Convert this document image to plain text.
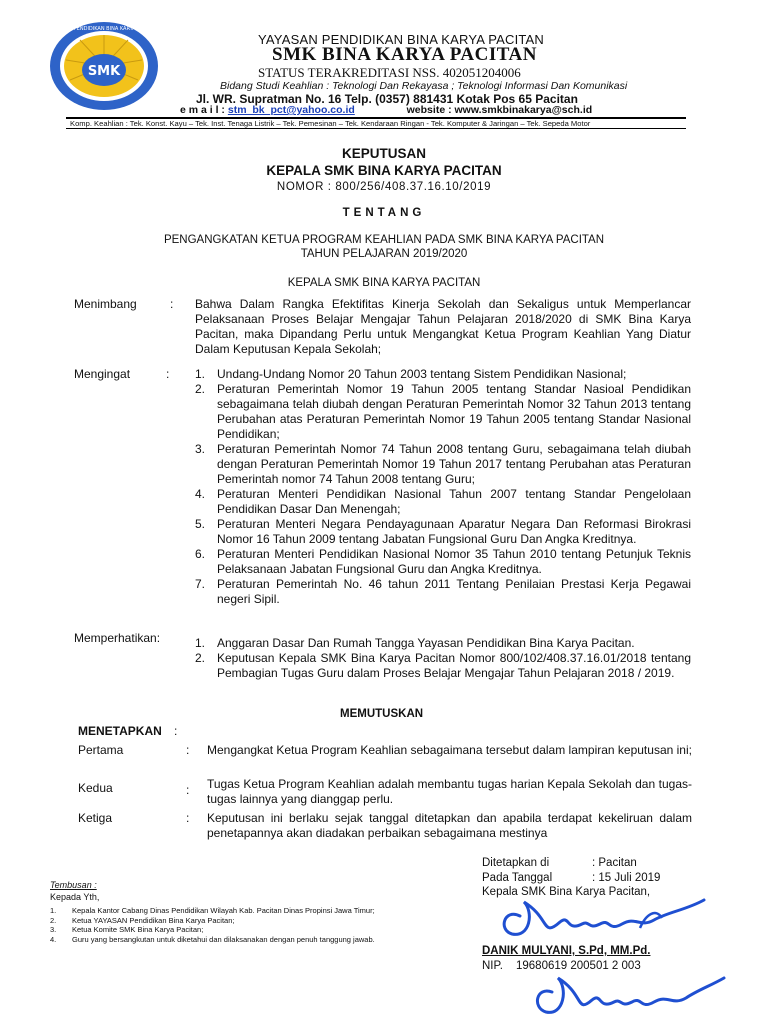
SMK
YAYASAN PENDIDIKAN BINA KARYA PACITAN
YAYASAN PENDIDIKAN BINA KARYA PACITAN
SMK BINA KARYA PACITAN
STATUS TERAKREDITASI NSS. 402051204006
Bidang Studi Keahlian : Teknologi Dan Rekayasa ; Teknologi Informasi Dan Komunikasi
Jl. WR. Supratman No. 16 Telp. (0357) 881431 Kotak Pos 65 Pacitan
e m a i l : stm_bk_pct@yahoo.co.id	website : www.smkbinakarya@sch.id
Komp. Keahlian : Tek. Konst. Kayu – Tek. Inst. Tenaga Listrik – Tek. Pemesinan – Tek. Kendaraan Ringan - Tek. Komputer & Jaringan – Tek. Sepeda Motor
KEPUTUSAN
KEPALA SMK BINA KARYA PACITAN
NOMOR : 800/256/408.37.16.10/2019
TENTANG
PENGANGKATAN KETUA PROGRAM KEAHLIAN PADA SMK BINA KARYA PACITAN
TAHUN PELAJARAN 2019/2020
KEPALA SMK BINA KARYA PACITAN
Menimbang	: Bahwa Dalam Rangka Efektifitas Kinerja Sekolah dan Sekaligus untuk Memperlancar Pelaksanaan Proses Belajar Mengajar Tahun Pelajaran 2018/2020 di SMK Bina Karya Pacitan, maka Dipandang Perlu untuk Mengangkat Ketua Program Keahlian Yang Diatur Dalam Keputusan Kepala Sekolah;
Mengingat	: 1. Undang-Undang Nomor 20 Tahun 2003 tentang Sistem Pendidikan Nasional;
2. Peraturan Pemerintah Nomor 19 Tahun 2005 tentang Standar Nasioal Pendidikan sebagaimana telah diubah dengan Peraturan Pemerintah Nomor 32 Tahun 2013 tentang Perubahan atas Peraturan Pemerintah Nomor 19 Tahun 2005 tentang Standar Nasional Pendidikan;
3. Peraturan Pemerintah Nomor 74 Tahun 2008 tentang Guru, sebagaimana telah diubah dengan Peraturan Pemerintah Nomor 19 Tahun 2017 tentang Perubahan atas Peraturan Pemerintah nomor 74 Tahun 2008 tentang Guru;
4. Peraturan Menteri Pendidikan Nasional Tahun 2007 tentang Standar Pengelolaan Pendidikan Dasar Dan Menengah;
5. Peraturan Menteri Negara Pendayagunaan Aparatur Negara Dan Reformasi Birokrasi Nomor 16 Tahun 2009 tentang Jabatan Fungsional Guru Dan Angka Kreditnya.
6. Peraturan Menteri Pendidikan Nasional Nomor 35 Tahun 2010 tentang Petunjuk Teknis Pelaksanaan Jabatan Fungsional Guru dan Angka Kreditnya.
7. Peraturan Pemerintah No. 46 tahun 2011 Tentang Penilaian Prestasi Kerja Pegawai negeri Sipil.
Memperhatikan:	1. Anggaran Dasar Dan Rumah Tangga Yayasan Pendidikan Bina Karya Pacitan.
2. Keputusan Kepala SMK Bina Karya Pacitan Nomor 800/102/408.37.16.01/2018 tentang Pembagian Tugas Guru dalam Proses Belajar Mengajar Tahun Pelajaran 2018 / 2019.
MEMUTUSKAN
MENETAPKAN :
Pertama	: Mengangkat Ketua Program Keahlian sebagaimana tersebut dalam lampiran keputusan ini;
Kedua	: Tugas Ketua Program Keahlian adalah membantu tugas harian Kepala Sekolah dan tugas-tugas lainnya yang dianggap perlu.
Ketiga	: Keputusan ini berlaku sejak tanggal ditetapkan dan apabila terdapat kekeliruan dalam penetapannya akan diadakan perbaikan sebagaimana mestinya
Ditetapkan di	: Pacitan
Pada Tanggal	: 15 Juli 2019
Kepala SMK Bina Karya Pacitan,
DANIK MULYANI, S.Pd, MM.Pd.
NIP. 19680619 200501 2 003
Tembusan :
Kepada Yth,
1. Kepala Kantor Cabang Dinas Pendidikan Wilayah Kab. Pacitan Dinas Propinsi Jawa Timur;
2. Ketua YAYASAN Pendidikan Bina Karya Pacitan;
3. Ketua Komite SMK Bina Karya Pacitan;
4. Guru yang bersangkutan untuk diketahui dan dilaksanakan dengan penuh tanggung jawab.
